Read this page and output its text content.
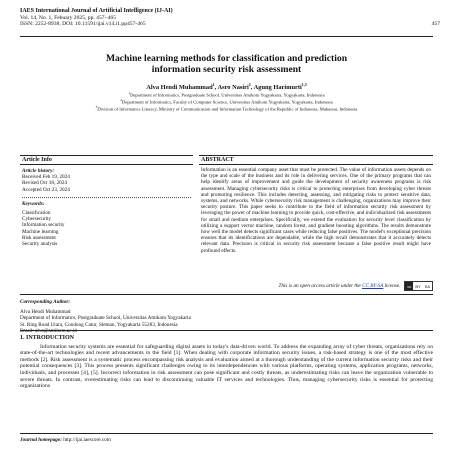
IAES International Journal of Artificial Intelligence (IJ-AI)
Vol. 14, No. 1, Febuary 2025, pp. 457~465
ISSN: 2252-8938, DOI: 10.11591/ijai.v14.i1.pp457-465	457
Machine learning methods for classification and prediction
information security risk assessment
Alva Hendi Muhammad$^1$, Asro Nasiri$^2$, Agung Harimurti$^{1,3}$
$^1$Department of Informatics, Postgraduate School, Universitas Amikom Yogyakarta, Yogyakarta, Indonesia
$^2$Department of Informatics, Faculty of Computer Science, Universitas Amikom Yogyakarta, Yogyakarta, Indonesia
$^3$Division of Informatics Literacy, Ministry of Communication and Information Technology of the Republic of Indonesia, Makassar, Indonesia
Article Info
Article history:
Received Feb 19, 2024
Revised Oct 18, 2024
Accepted Oct 23, 2024
Keywords:
Classification
Cybersecurity
Information security
Machine learning
Risk assessment
Security analysis
ABSTRACT
Information is an essential company asset that must be protected. The value of information assets depends on the type and scale of the business and its role in delivering services. One of the primary programs that can help identify areas of improvement and guide the development of security awareness programs is risk assessment. Managing cybersecurity risks is critical to protecting enterprises from developing cyber threats and promoting resilience. This includes detecting, assessing, and mitigating risks to protect sensitive data, systems, and networks. While cybersecurity risk management is challenging, organizations may improve their security posture. This paper seeks to contribute to the field of information security risk assessment by leveraging the power of machine learning to provide quick, cost-effective, and individualized risk assessments for small and medium enterprises. Specifically, we extend the evaluation for security level classification by utilizing a support vector machine, random forest, and gradient boosting algorithms. The results demonstrate how well the model detects significant cases while reducing false positives. The model's exceptional precision ensures that its identifications are dependable, while the high recall demonstrates that it accurately detects relevant data. Precision is critical in security risk assessment because a false positive result might have profound effects.
This is an open access article under the CC BY-SA license.	cc	BY	SA
Corresponding Author:
Alva Hendi Muhammad
Department of Informatics, Postgraduate School, Universitas Amikom Yogyakarta
St. Ring Road Utara, Condong Catur, Sleman, Yogyakarta 55283, Indonesia
Email: alva@amikom.ac.id
1. INTRODUCTION

Information security systems are essential for safeguarding digital assets in today's data-driven world. To address the expanding array of cyber threats, organizations rely on state-of-the-art technologies and recent advancements in the field [1]. When dealing with corporate information security issues, a risk-based strategy is one of the most effective methods [2]. Risk assessment is a systematic process encompassing risk analysis and evaluation aimed at a thorough understanding of the current information security risks and their potential consequences [3]. This process presents significant challenges owing to its interdependencies with various platforms, operating systems, application programs, networks, individuals, and processes [4], [5]. Incorrect information in risk assessment can pose significant and costly threats, as underestimating risks can leave the organization vulnerable to severe threats. In contrast, overestimating risks can lead to discontinuing valuable IT services and technologies. Thus, managing cybersecurity risks is essential for protecting organizations

Journal homepage: http://ijai.iaescore.com
